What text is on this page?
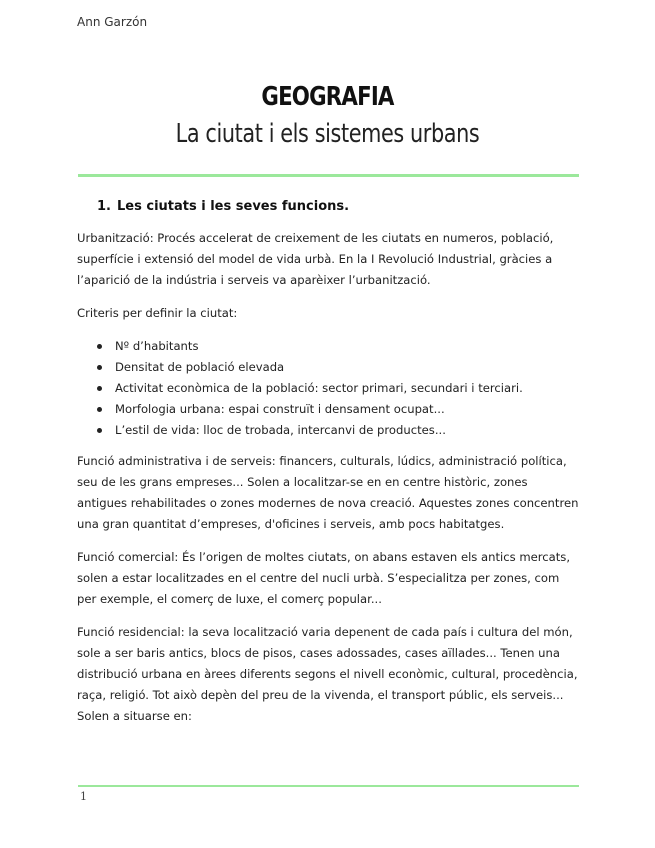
Ann Garzón
GEOGRAFIA
La ciutat i els sistemes urbans
1. Les ciutats i les seves funcions.

Urbanització: Procés accelerat de creixement de les ciutats en numeros, població, superfície i extensió del model de vida urbà. En la I Revolució Industrial, gràcies a l’aparició de la indústria i serveis va aparèixer l’urbanització.

Criteris per definir la ciutat:

Nº d’habitants
Densitat de població elevada
Activitat econòmica de la població: sector primari, secundari i terciari.
Morfologia urbana: espai construït i densament ocupat...
L’estil de vida: lloc de trobada, intercanvi de productes...

Funció administrativa i de serveis: financers, culturals, lúdics, administració política, seu de les grans empreses... Solen a localitzar-se en en centre històric, zones antigues rehabilitades o zones modernes de nova creació. Aquestes zones concentren una gran quantitat d’empreses, d'oficines i serveis, amb pocs habitatges.

Funció comercial: És l’origen de moltes ciutats, on abans estaven els antics mercats, solen a estar localitzades en el centre del nucli urbà. S’especialitza per zones, com per exemple, el comerç de luxe, el comerç popular...

Funció residencial: la seva localització varia depenent de cada país i cultura del món, sole a ser baris antics, blocs de pisos, cases adossades, cases aïllades... Tenen una distribució urbana en àrees diferents segons el nivell econòmic, cultural, procedència, raça, religió. Tot això depèn del preu de la vivenda, el transport públic, els serveis... Solen a situarse en:

1
